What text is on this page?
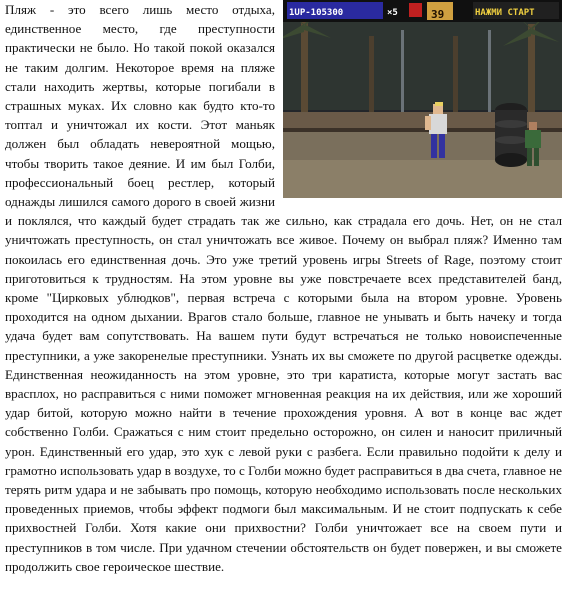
1UP-105300	×5	39	НАЖМИ СТАРТ

Пляж - это всего лишь место отдыха, единственное место, где преступности практически не было. Но такой покой оказался не таким долгим. Некоторое время на пляже стали находить жертвы, которые погибали в страшных муках. Их словно как будто кто-то топтал и уничтожал их кости. Этот маньяк должен был обладать невероятной мощью, чтобы творить такое деяние. И им был Голби, профессиональный боец рестлер, который однажды лишился самого дорого в своей жизни и поклялся, что каждый будет страдать так же сильно, как страдала его дочь. Нет, он не стал уничтожать преступность, он стал уничтожать все живое. Почему он выбрал пляж? Именно там покоилась его единственная дочь. Это уже третий уровень игры Streets of Rage, поэтому стоит приготовиться к трудностям. На этом уровне вы уже повстречаете всех представителей банд, кроме "Цирковых ублюдков", первая встреча с которыми была на втором уровне. Уровень проходится на одном дыхании. Врагов стало больше, главное не унывать и быть начеку и тогда удача будет вам сопутствовать. На вашем пути будут встречаться не только новоиспеченные преступники, а уже закоренелые преступники. Узнать их вы сможете по другой расцветке одежды. Единственная неожиданность на этом уровне, это три каратиста, которые могут застать вас врасплох, но расправиться с ними поможет мгновенная реакция на их действия, или же хороший удар битой, которую можно найти в течение прохождения уровня. А вот в конце вас ждет собственно Голби. Сражаться с ним стоит предельно осторожно, он силен и наносит приличный урон. Единственный его удар, это хук с левой руки с разбега. Если правильно подойти к делу и грамотно использовать удар в воздухе, то с Голби можно будет расправиться в два счета, главное не терять ритм удара и не забывать про помощь, которую необходимо использовать после нескольких проведенных приемов, чтобы эффект подмоги был максимальным. И не стоит подпускать к себе прихвостней Голби. Хотя какие они прихвостни? Голби уничтожает все на своем пути и преступников в том числе. При удачном стечении обстоятельств он будет повержен, и вы сможете продолжить свое героическое шествие.
